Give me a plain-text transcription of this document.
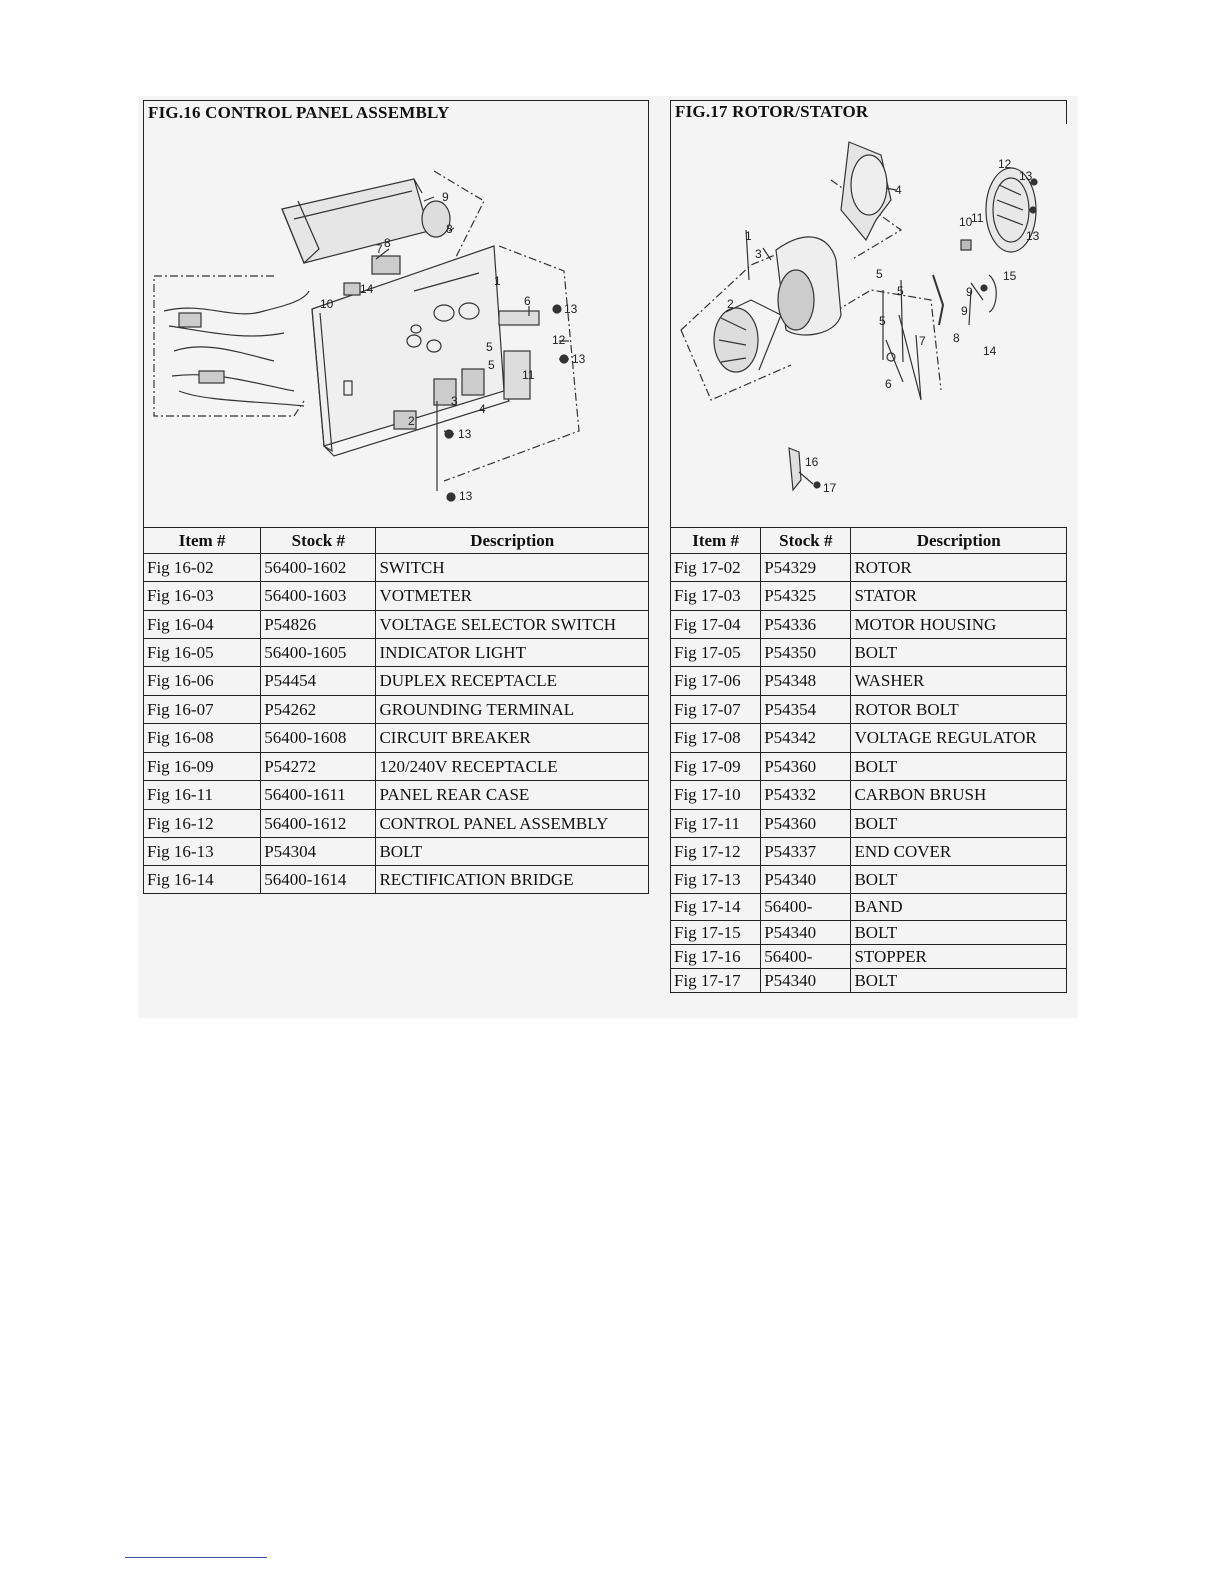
FIG.16 CONTROL PANEL ASSEMBLY
9
8
7 8
14
10
1
6
13
12
5
5	13
11
4
3
2
13
13
Item #	Stock #	Description
Fig 16-02	56400-1602	SWITCH
Fig 16-03	56400-1603	VOTMETER
Fig 16-04	P54826	VOLTAGE SELECTOR SWITCH
Fig 16-05	56400-1605	INDICATOR LIGHT
Fig 16-06	P54454	DUPLEX RECEPTACLE
Fig 16-07	P54262	GROUNDING TERMINAL
Fig 16-08	56400-1608	CIRCUIT BREAKER
Fig 16-09	P54272	120/240V RECEPTACLE
Fig 16-11	56400-1611	PANEL REAR CASE
Fig 16-12	56400-1612	CONTROL PANEL ASSEMBLY
Fig 16-13	P54304	BOLT
Fig 16-14	56400-1614	RECTIFICATION BRIDGE
FIG.17 ROTOR/STATOR
1
2
3
4
5
5
5
6
7 8
9
9
10
11
12
13
13
14
15
16
17
Item #	Stock #	Description
Fig 17-02	P54329	ROTOR
Fig 17-03	P54325	STATOR
Fig 17-04	P54336	MOTOR HOUSING
Fig 17-05	P54350	BOLT
Fig 17-06	P54348	WASHER
Fig 17-07	P54354	ROTOR BOLT
Fig 17-08	P54342	VOLTAGE REGULATOR
Fig 17-09	P54360	BOLT
Fig 17-10	P54332	CARBON BRUSH
Fig 17-11	P54360	BOLT
Fig 17-12	P54337	END COVER
Fig 17-13	P54340	BOLT
Fig 17-14	56400-	BAND
Fig 17-15	P54340	BOLT
Fig 17-16	56400-	STOPPER
Fig 17-17	P54340	BOLT
